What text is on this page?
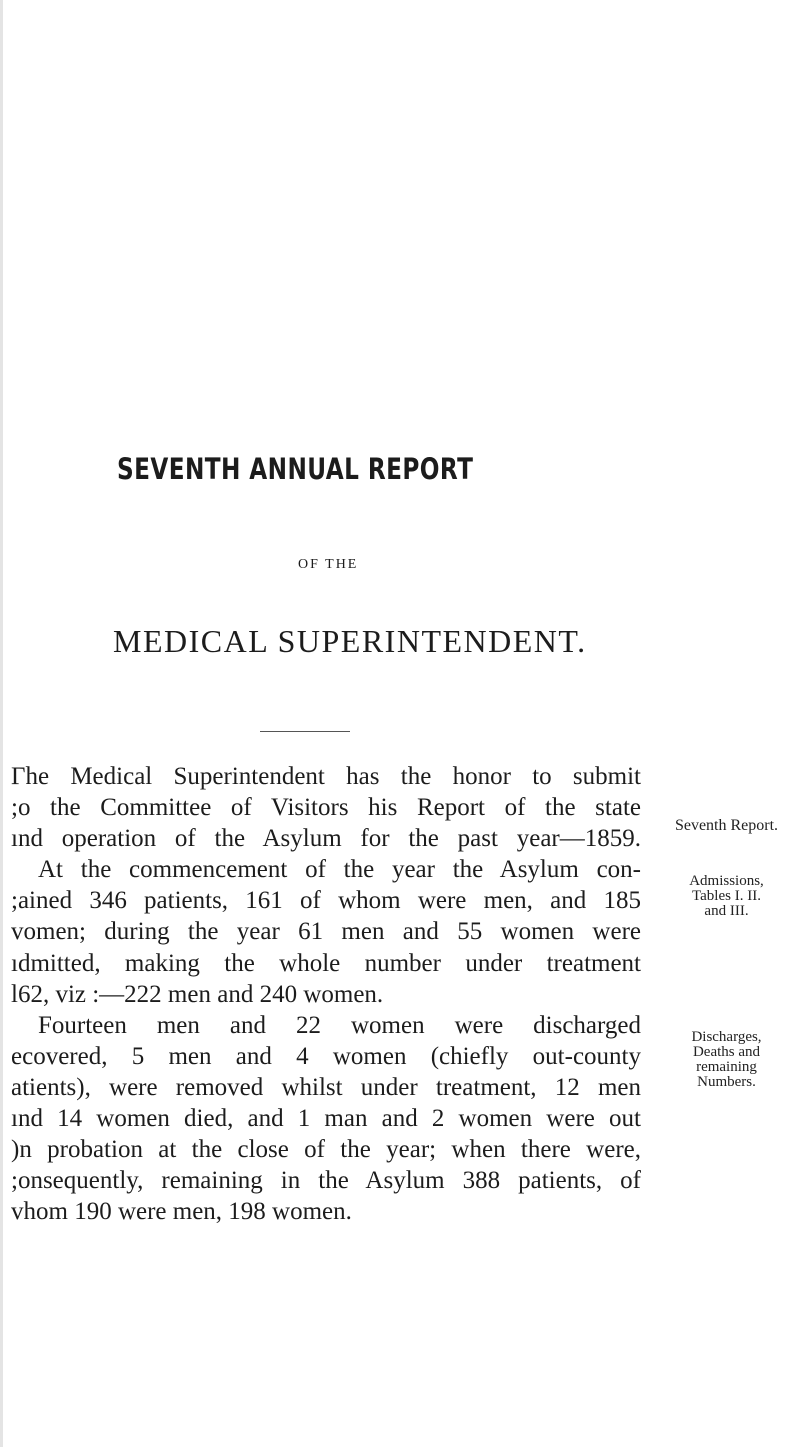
SEVENTH ANNUAL REPORT
OF THE
MEDICAL SUPERINTENDENT.
Γhe Medical Superintendent has the honor to submit
;o the Committee of Visitors his Report of the state
ınd operation of the Asylum for the past year—1859.
At the commencement of the year the Asylum con-
;ained 346 patients, 161 of whom were men, and 185
vomen; during the year 61 men and 55 women were
ıdmitted, making the whole number under treatment
l62, viz :—222 men and 240 women.
Fourteen men and 22 women were discharged
ecovered, 5 men and 4 women (chiefly out-county
atients), were removed whilst under treatment, 12 men
ınd 14 women died, and 1 man and 2 women were out
)n probation at the close of the year; when there were,
;onsequently, remaining in the Asylum 388 patients, of
vhom 190 were men, 198 women.
Seventh Report.
Admissions,
Tables I. II.
and III.
Discharges,
Deaths and
remaining
Numbers.
